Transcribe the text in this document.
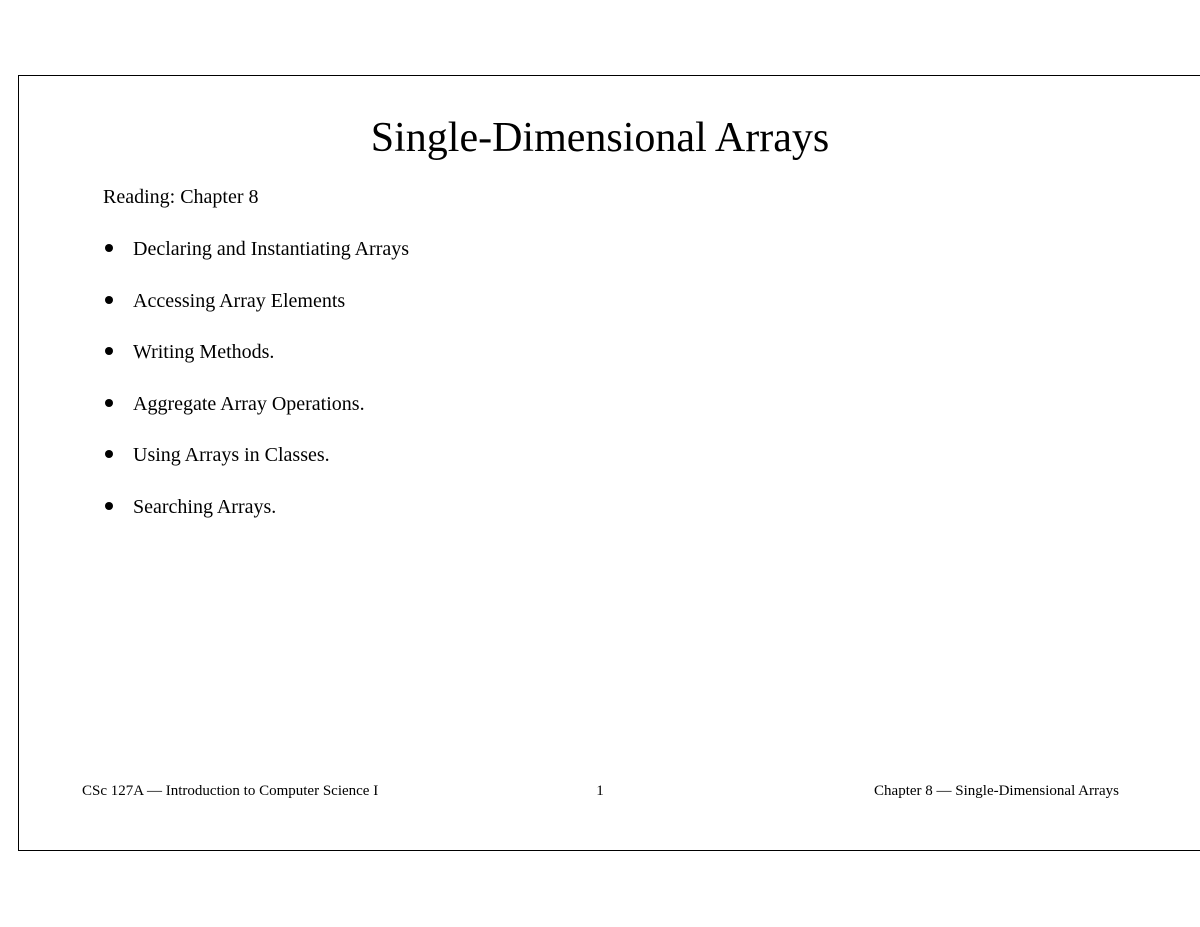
Single-Dimensional Arrays
Reading: Chapter 8
Declaring and Instantiating Arrays
Accessing Array Elements
Writing Methods.
Aggregate Array Operations.
Using Arrays in Classes.
Searching Arrays.
CSc 127A — Introduction to Computer Science I	1	Chapter 8 — Single-Dimensional Arrays
